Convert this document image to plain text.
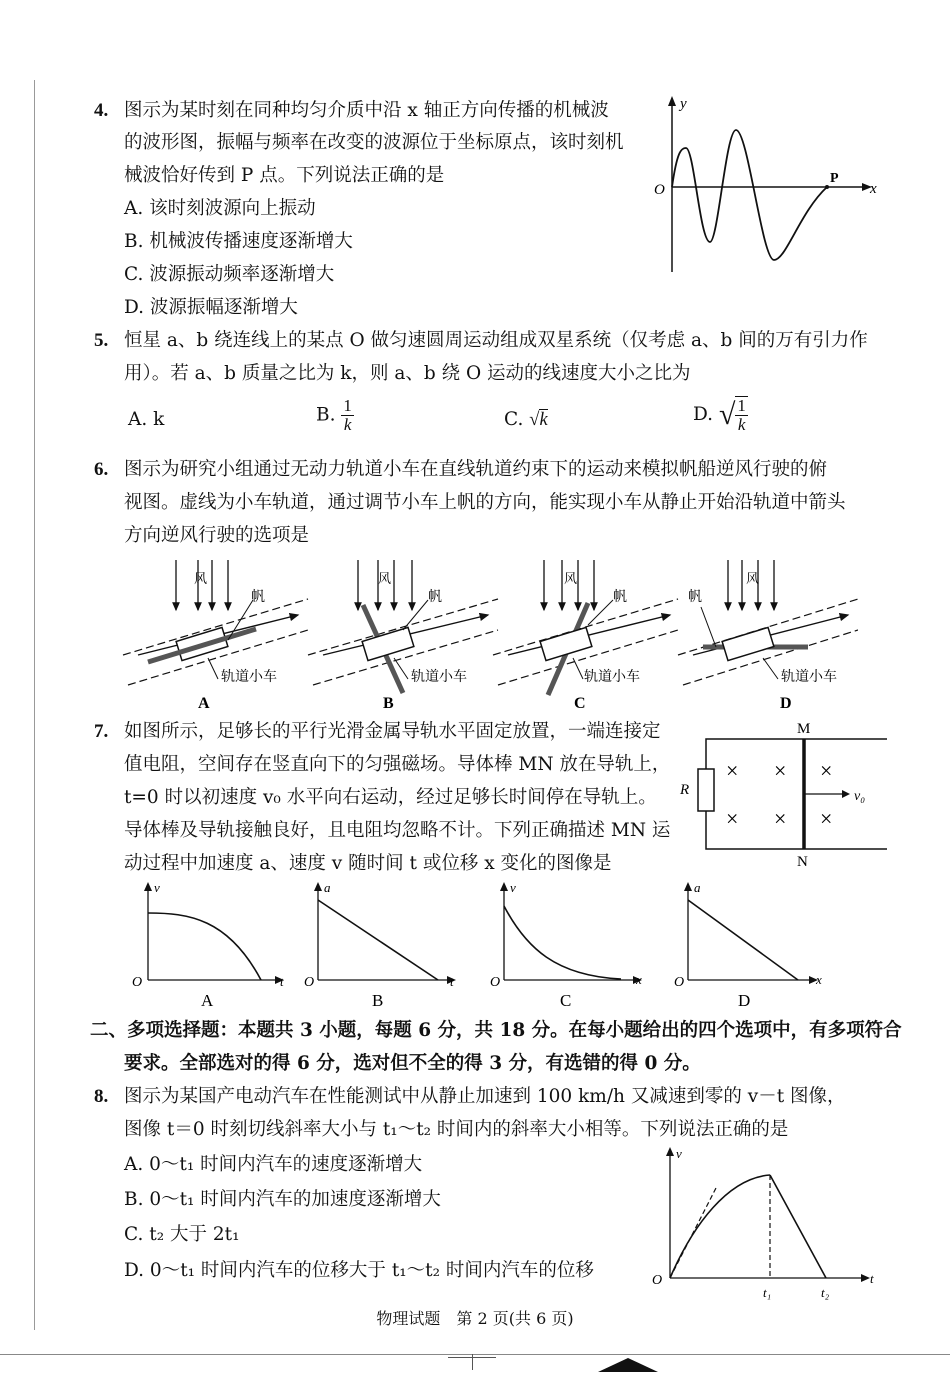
4. 图示为某时刻在同种均匀介质中沿 x 轴正方向传播的机械波
的波形图，振幅与频率在改变的波源位于坐标原点，该时刻机
械波恰好传到 P 点。下列说法正确的是
A. 该时刻波源向上振动
B. 机械波传播速度逐渐增大
C. 波源振动频率逐渐增大
D. 波源振幅逐渐增大
y
O
P
x
5. 恒星 a、b 绕连线上的某点 O 做匀速圆周运动组成双星系统（仅考虑 a、b 间的万有引力作
用）。若 a、b 质量之比为 k，则 a、b 绕 O 运动的线速度大小之比为
A. k	B. $\frac{1}{k}$	C. √k	D. √ $\frac{1}{k}$
6. 图示为研究小组通过无动力轨道小车在直线轨道约束下的运动来模拟帆船逆风行驶的俯
视图。虚线为小车轨道，通过调节小车上帆的方向，能实现小车从静止开始沿轨道中箭头
方向逆风行驶的选项是
风
帆
轨道小车
A
风
帆
轨道小车
B
风
帆
轨道小车
C
风
帆
轨道小车
D
7. 如图所示，足够长的平行光滑金属导轨水平固定放置，一端连接定
值电阻，空间存在竖直向下的匀强磁场。导体棒 MN 放在导轨上，
t=0 时以初速度 v₀ 水平向右运动，经过足够长时间停在导轨上。
导体棒及导轨接触良好，且电阻均忽略不计。下列正确描述 MN 运
动过程中加速度 a、速度 v 随时间 t 或位移 x 变化的图像是
M
N
R	v₀
× × ×
× × ×
v
O	t
A
a
O	t
B
v
O	x
C
a
O	x
D
二、多项选择题：本题共 3 小题，每题 6 分，共 18 分。在每小题给出的四个选项中，有多项符合
要求。全部选对的得 6 分，选对但不全的得 3 分，有选错的得 0 分。
8. 图示为某国产电动汽车在性能测试中从静止加速到 100 km/h 又减速到零的 v－t 图像，
图像 t＝0 时刻切线斜率大小与 t₁～t₂ 时间内的斜率大小相等。下列说法正确的是
A. 0～t₁ 时间内汽车的速度逐渐增大
B. 0～t₁ 时间内汽车的加速度逐渐增大
C. t₂ 大于 2t₁
D. 0～t₁ 时间内汽车的位移大于 t₁～t₂ 时间内汽车的位移
v
O	t
t₁	t₂
物理试题　第 2 页(共 6 页)
